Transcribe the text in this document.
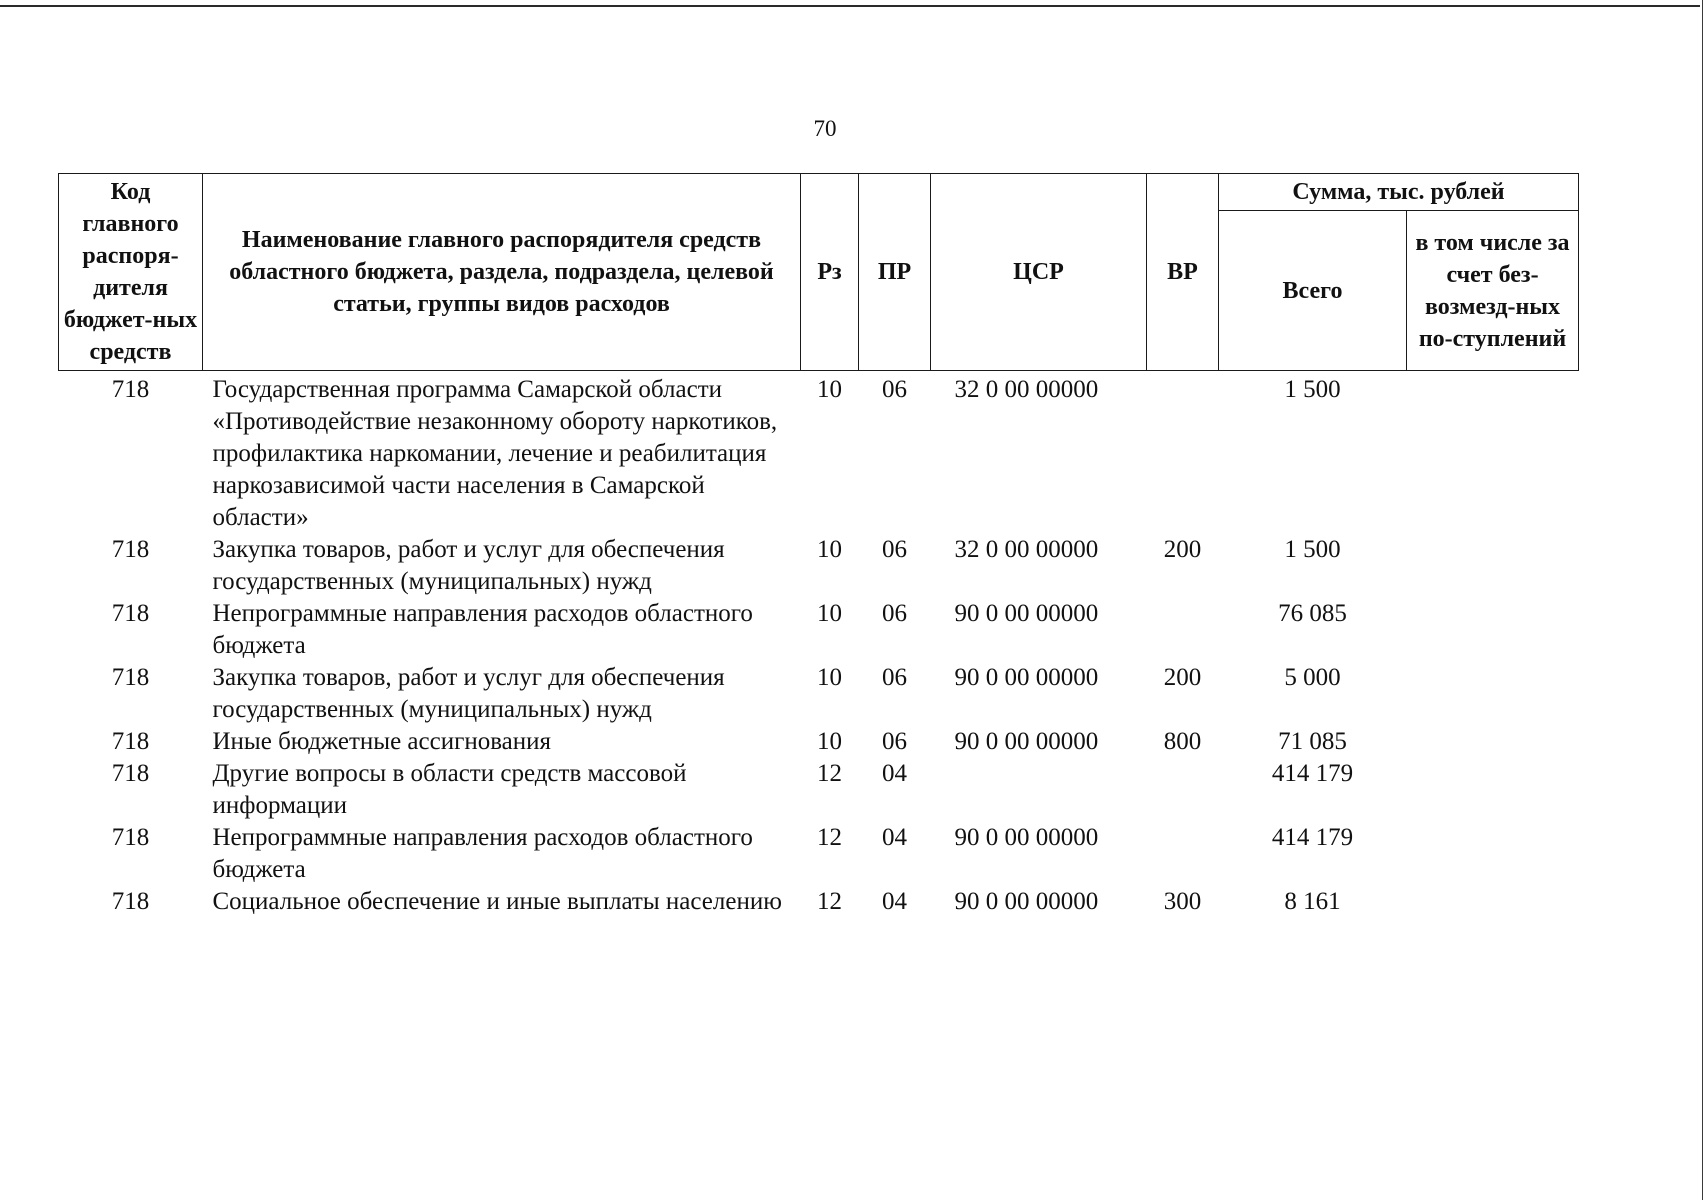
70
Код главного распоря-дителя бюджет-ных средств	Наименование главного распорядителя средств областного бюджета, раздела, подраздела, целевой статьи, группы видов расходов	Рз	ПР	ЦСР	ВР	Сумма, тыс. рублей	
						Всего	в том числе за счет без-возмезд-ных по-ступлений
718	Государственная программа Самарской области «Противодействие незаконному обороту наркотиков, профилактика наркомании, лечение и реабилитация наркозависимой части населения в Самарской области»	10	06	32 0 00 00000		1 500	
718	Закупка товаров, работ и услуг для обеспечения государственных (муниципальных) нужд	10	06	32 0 00 00000	200	1 500	
718	Непрограммные направления расходов областного бюджета	10	06	90 0 00 00000		76 085	
718	Закупка товаров, работ и услуг для обеспечения государственных (муниципальных) нужд	10	06	90 0 00 00000	200	5 000	
718	Иные бюджетные ассигнования	10	06	90 0 00 00000	800	71 085	
718	Другие вопросы в области средств массовой информации	12	04			414 179	
718	Непрограммные направления расходов областного бюджета	12	04	90 0 00 00000		414 179	
718	Социальное обеспечение и иные выплаты населению	12	04	90 0 00 00000	300	8 161	
